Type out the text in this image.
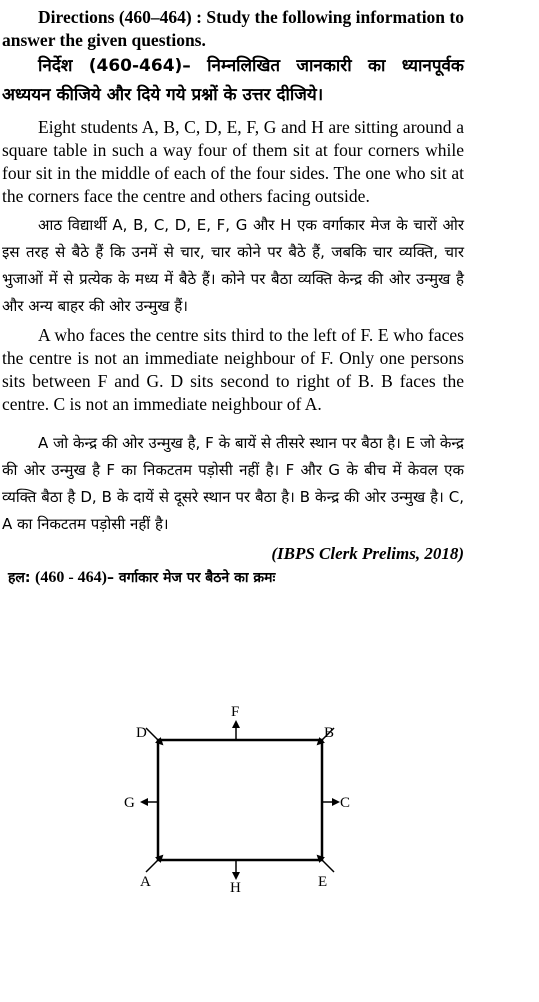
Directions (460–464) : Study the following information to answer the given questions.

निर्देश (460-464)– निम्नलिखित जानकारी का ध्यानपूर्वक अध्ययन कीजिये और दिये गये प्रश्नों के उत्तर दीजिये।

Eight students A, B, C, D, E, F, G and H are sitting around a square table in such a way four of them sit at four corners while four sit in the middle of each of the four sides. The one who sit at the corners face the centre and others facing outside.

आठ विद्यार्थी A, B, C, D, E, F, G और H एक वर्गाकार मेज के चारों ओर इस तरह से बैठे हैं कि उनमें से चार, चार कोने पर बैठे हैं, जबकि चार व्यक्ति, चार भुजाओं में से प्रत्येक के मध्य में बैठे हैं। कोने पर बैठा व्यक्ति केन्द्र की ओर उन्मुख है और अन्य बाहर की ओर उन्मुख हैं।

A who faces the centre sits third to the left of F. E who faces the centre is not an immediate neighbour of F. Only one persons sits between F and G. D sits second to right of B. B faces the centre. C is not an immediate neighbour of A.

A जो केन्द्र की ओर उन्मुख है, F के बायें से तीसरे स्थान पर बैठा है। E जो केन्द्र की ओर उन्मुख है F का निकटतम पड़ोसी नहीं है। F और G के बीच में केवल एक व्यक्ति बैठा है D, B के दायें से दूसरे स्थान पर बैठा है। B केन्द्र की ओर उन्मुख है। C, A का निकटतम पड़ोसी नहीं है।

(IBPS Clerk Prelims, 2018)

हल: (460 - 464)– वर्गाकार मेज पर बैठने का क्रमः

F
D	B
G	C
A	H	E
